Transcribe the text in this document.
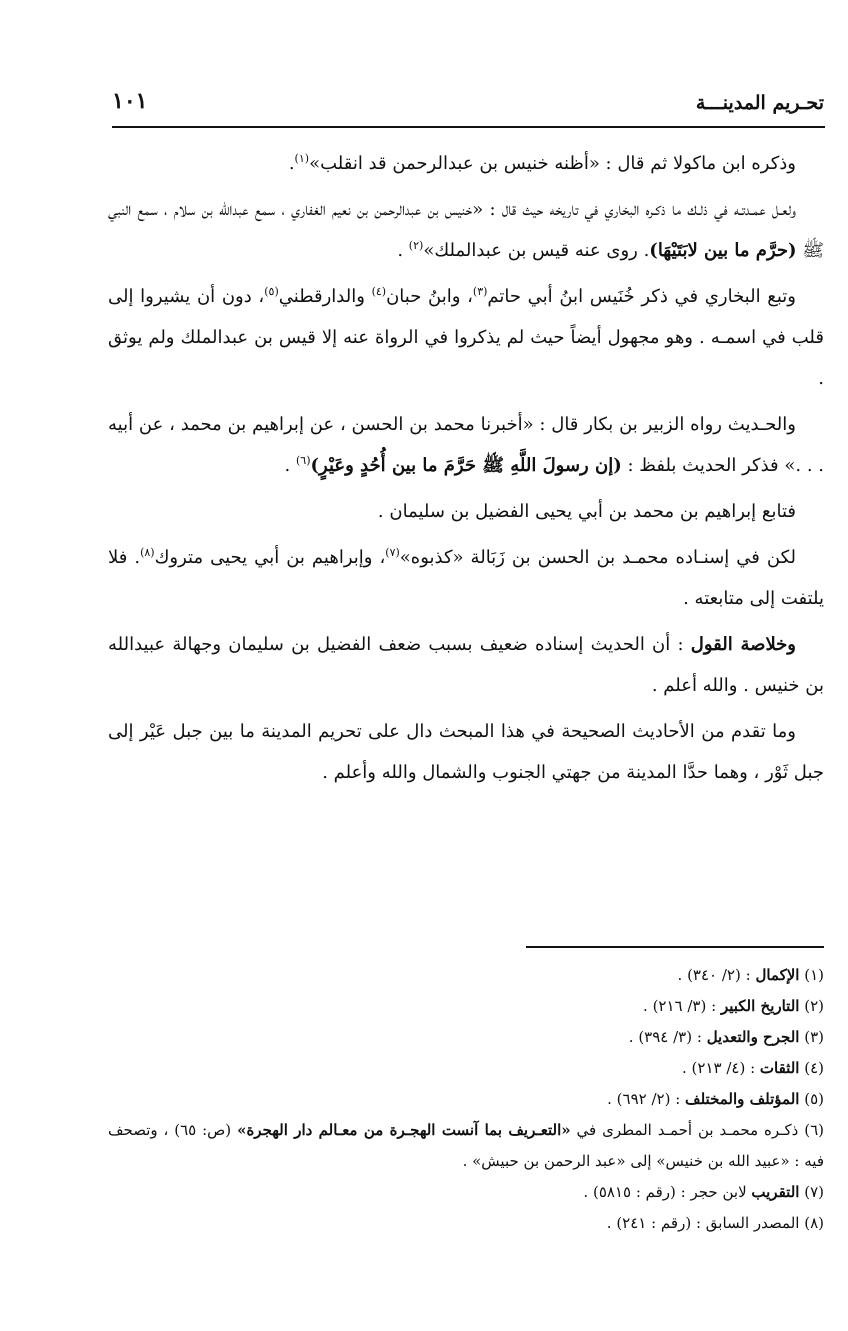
تحـريم المدينـــة
١٠١

وذكره ابن ماكولا ثم قال : «أظنه خنيس بن عبدالرحمن قد انقلب»$^{(١)}$.

ولعـل عمـدتـه في ذلـك ما ذكـره البخاري في تاريخه حيث قال : «خنيس بن عبدالرحمن بن نعيم الغفاري ، سمع عبدالله بن سلام ، سمع النبي ﷺ (حرَّم ما بين لابَتَيْهَا). روى عنه قيس بن عبدالملك»$^{(٢)}$ .

وتبع البخاري في ذكر خُنَيس ابنُ أبي حاتم$^{(٣)}$، وابنُ حبان$^{(٤)}$ والدارقطني$^{(٥)}$، دون أن يشيروا إلى قلب في اسمـه . وهو مجهول أيضاً حيث لم يذكروا في الرواة عنه إلا قيس بن عبدالملك ولم يوثق .

والحـديث رواه الزبير بن بكار قال : «أخبرنا محمد بن الحسن ، عن إبراهيم بن محمد ، عن أبيه . . .» فذكر الحديث بلفظ : (إن رسولَ اللَّهِ ﷺ حَرَّمَ ما بين أُحُدٍ وعَيْرٍ)$^{(٦)}$ .

فتابع إبراهيم بن محمد بن أبي يحيى الفضيل بن سليمان .

لكن في إسنـاده محمـد بن الحسن بن زَبَالة «كذبوه»$^{(٧)}$، وإبراهيم بن أبي يحيى متروك$^{(٨)}$. فلا يلتفت إلى متابعته .

وخلاصة القول : أن الحديث إسناده ضعيف بسبب ضعف الفضيل بن سليمان وجهالة عبيدالله بن خنيس . والله أعلم .

وما تقدم من الأحاديث الصحيحة في هذا المبحث دال على تحريم المدينة ما بين جبل عَيْر إلى جبل ثَوْر ، وهما حدَّا المدينة من جهتي الجنوب والشمال والله وأعلم .

(١) الإكمال : (٢/ ٣٤٠) .

(٢) التاريخ الكبير : (٣/ ٢١٦) .

(٣) الجرح والتعديل : (٣/ ٣٩٤) .

(٤) الثقات : (٤/ ٢١٣) .

(٥) المؤتلف والمختلف : (٢/ ٦٩٢) .

(٦) ذكـره محمـد بن أحمـد المطرى في «التعـريف بما آنست الهجـرة من معـالم دار الهجرة» (ص: ٦٥) ، وتصحف فيه : «عبيد الله بن خنيس» إلى «عبد الرحمن بن حبيش» .

(٧) التقريب لابن حجر : (رقم : ٥٨١٥) .

(٨) المصدر السابق : (رقم : ٢٤١) .
